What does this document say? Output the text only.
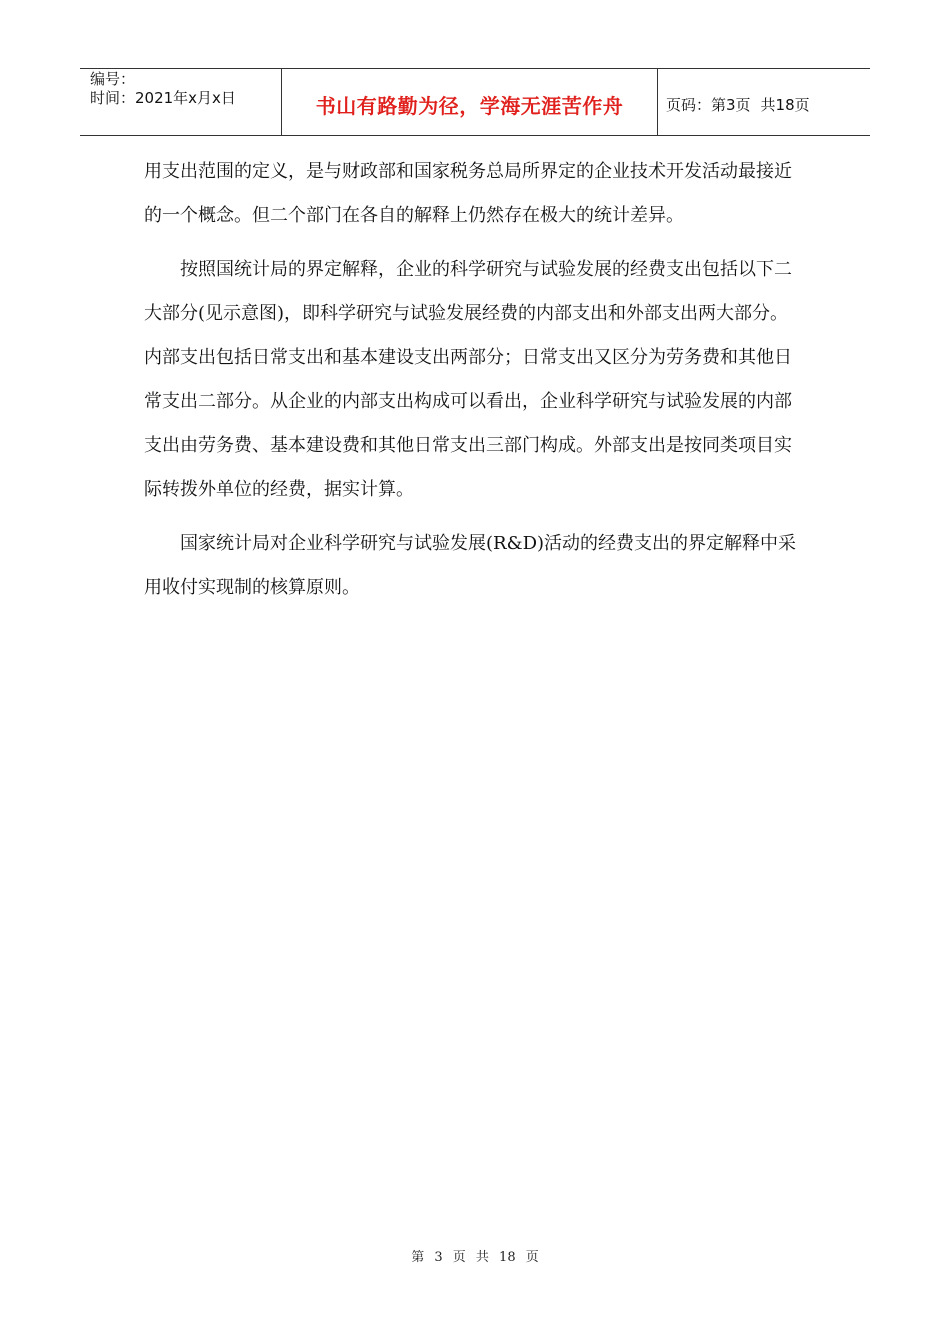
编号：
时间：2021年x月x日	书山有路勤为径，学海无涯苦作舟	页码：第3页 共18页

用支出范围的定义，是与财政部和国家税务总局所界定的企业技术开发活动最接近的一个概念。但二个部门在各自的解释上仍然存在极大的统计差异。

按照国统计局的界定解释，企业的科学研究与试验发展的经费支出包括以下二大部分(见示意图)，即科学研究与试验发展经费的内部支出和外部支出两大部分。内部支出包括日常支出和基本建设支出两部分；日常支出又区分为劳务费和其他日常支出二部分。从企业的内部支出构成可以看出，企业科学研究与试验发展的内部支出由劳务费、基本建设费和其他日常支出三部门构成。外部支出是按同类项目实际转拨外单位的经费，据实计算。

国家统计局对企业科学研究与试验发展(R&D)活动的经费支出的界定解释中采用收付实现制的核算原则。

第 3 页 共 18 页
